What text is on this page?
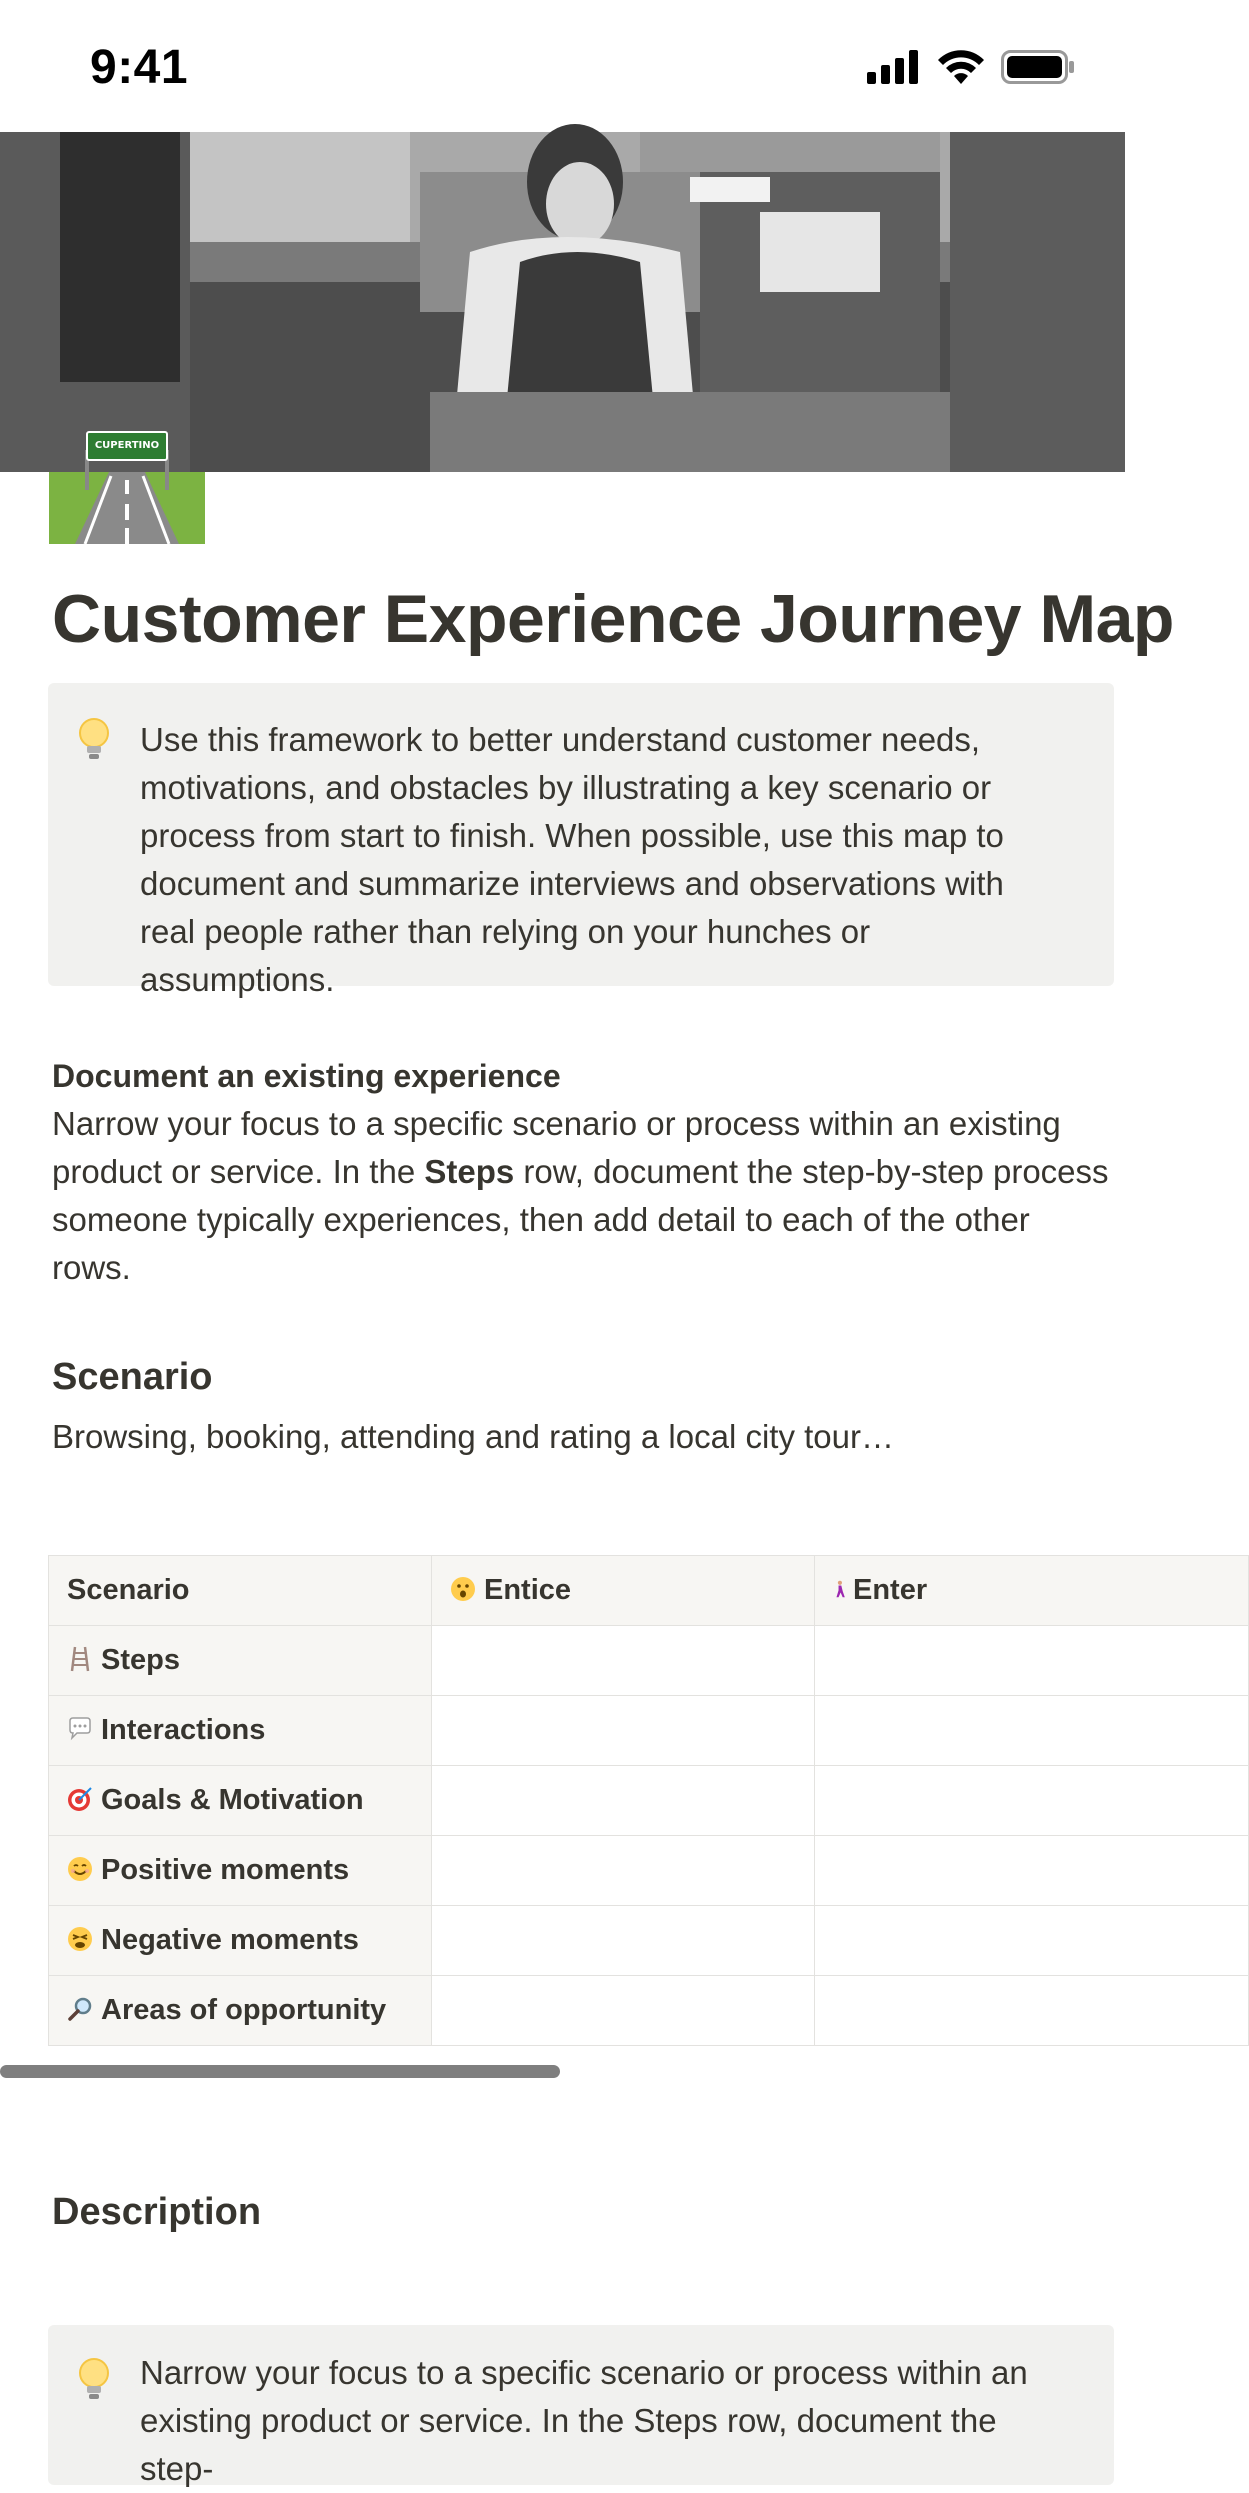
9:41
CUPERTINO
Customer Experience Journey Map
Use this framework to better understand customer needs, motivations, and obstacles by illustrating a key scenario or process from start to finish. When possible, use this map to document and summarize interviews and observations with real people rather than relying on your hunches or assumptions.
Document an existing experience
Narrow your focus to a specific scenario or process within an existing product or service. In the Steps row, document the step-by-step process someone typically experiences, then add detail to each of the other rows.
Scenario
Browsing, booking, attending and rating a local city tour…
Scenario	Entice	Enter
Steps		
Interactions		
Goals & Motivation		
Positive moments		
Negative moments		
Areas of opportunity		
Description
Narrow your focus to a specific scenario or process within an existing product or service. In the Steps row, document the step-
